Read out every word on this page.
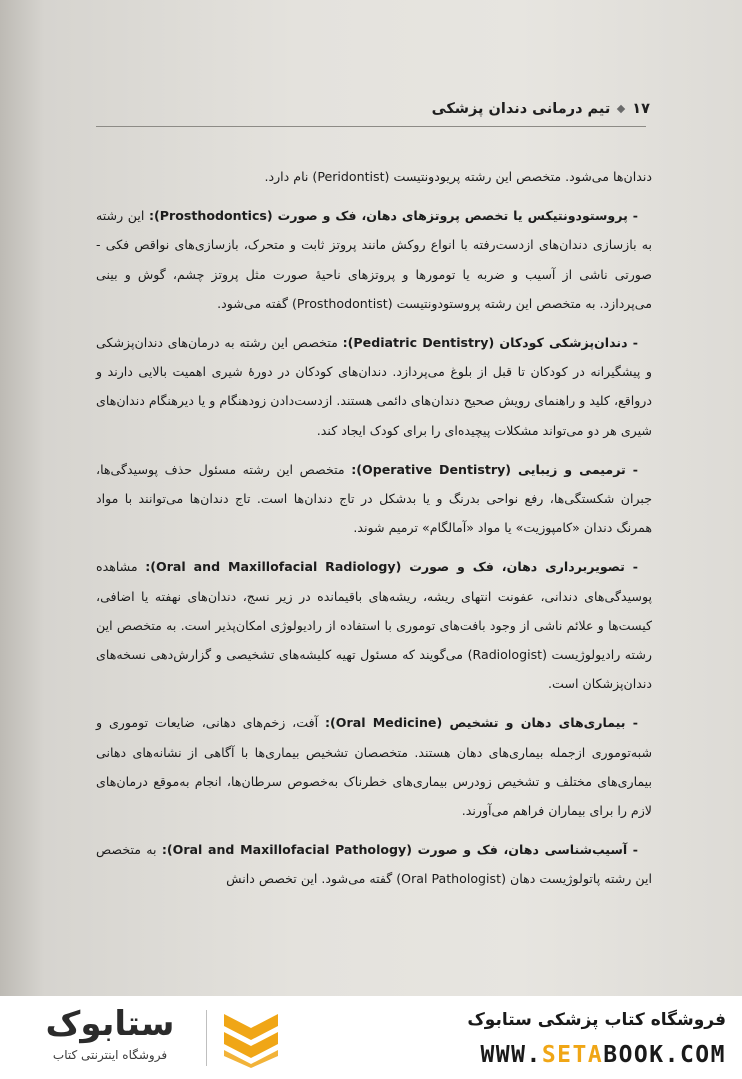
۱۷
تیم درمانی دندان پزشکی

دندان‌ها می‌شود. متخصص این رشته پریودونتیست (Peridontist) نام دارد.

- پروستودونتیکس یا تخصص پروتزهای دهان، فک و صورت (Prosthodontics): این رشته به بازسازی دندان‌های ازدست‌رفته با انواع روکش مانند پروتز ثابت و متحرک، بازسازی‌های نواقص فکی - صورتی ناشی از آسیب و ضربه یا تومورها و پروتزهای ناحیهٔ صورت مثل پروتز چشم، گوش و بینی می‌پردازد. به متخصص این رشته پروستودونتیست (Prosthodontist) گفته می‌شود.

- دندان‌پزشکی کودکان (Pediatric Dentistry): متخصص این رشته به درمان‌های دندان‌پزشکی و پیشگیرانه در کودکان تا قبل از بلوغ می‌پردازد. دندان‌های کودکان در دورهٔ شیری اهمیت بالایی دارند و درواقع، کلید و راهنمای رویش صحیح دندان‌های دائمی هستند. ازدست‌دادن زودهنگام و یا دیرهنگام دندان‌های شیری هر دو می‌تواند مشکلات پیچیده‌ای را برای کودک ایجاد کند.

- ترمیمی و زیبایی (Operative Dentistry): متخصص این رشته مسئول حذف پوسیدگی‌ها، جبران شکستگی‌ها، رفع نواحی بدرنگ و یا بدشکل در تاج دندان‌ها است. تاج دندان‌ها می‌توانند با مواد همرنگ دندان «کامپوزیت» یا مواد «آمالگام» ترمیم شوند.

- تصویربرداری دهان، فک و صورت (Oral and Maxillofacial Radiology): مشاهده پوسیدگی‌های دندانی، عفونت انتهای ریشه، ریشه‌های باقیمانده در زیر نسج، دندان‌های نهفته یا اضافی، کیست‌ها و علائم ناشی از وجود بافت‌های توموری با استفاده از رادیولوژی امکان‌پذیر است. به متخصص این رشته رادیولوژیست (Radiologist) می‌گویند که مسئول تهیه کلیشه‌های تشخیصی و گزارش‌دهی نسخه‌های دندان‌پزشکان است.

- بیماری‌های دهان و تشخیص (Oral Medicine): آفت، زخم‌های دهانی، ضایعات توموری و شبه‌توموری ازجمله بیماری‌های دهان هستند. متخصصان تشخیص بیماری‌ها با آگاهی از نشانه‌های دهانی بیماری‌های مختلف و تشخیص زودرس بیماری‌های خطرناک به‌خصوص سرطان‌ها، انجام به‌موقع درمان‌های لازم را برای بیماران فراهم می‌آورند.

- آسیب‌شناسی دهان، فک و صورت (Oral and Maxillofacial Pathology): به متخصص این رشته پاتولوژیست دهان (Oral Pathologist) گفته می‌شود. این تخصص دانش

ستابوک
فروشگاه اینترنتی کتاب
فروشگاه کتاب پزشکی ستابوک
WWW.SETABOOK.COM
